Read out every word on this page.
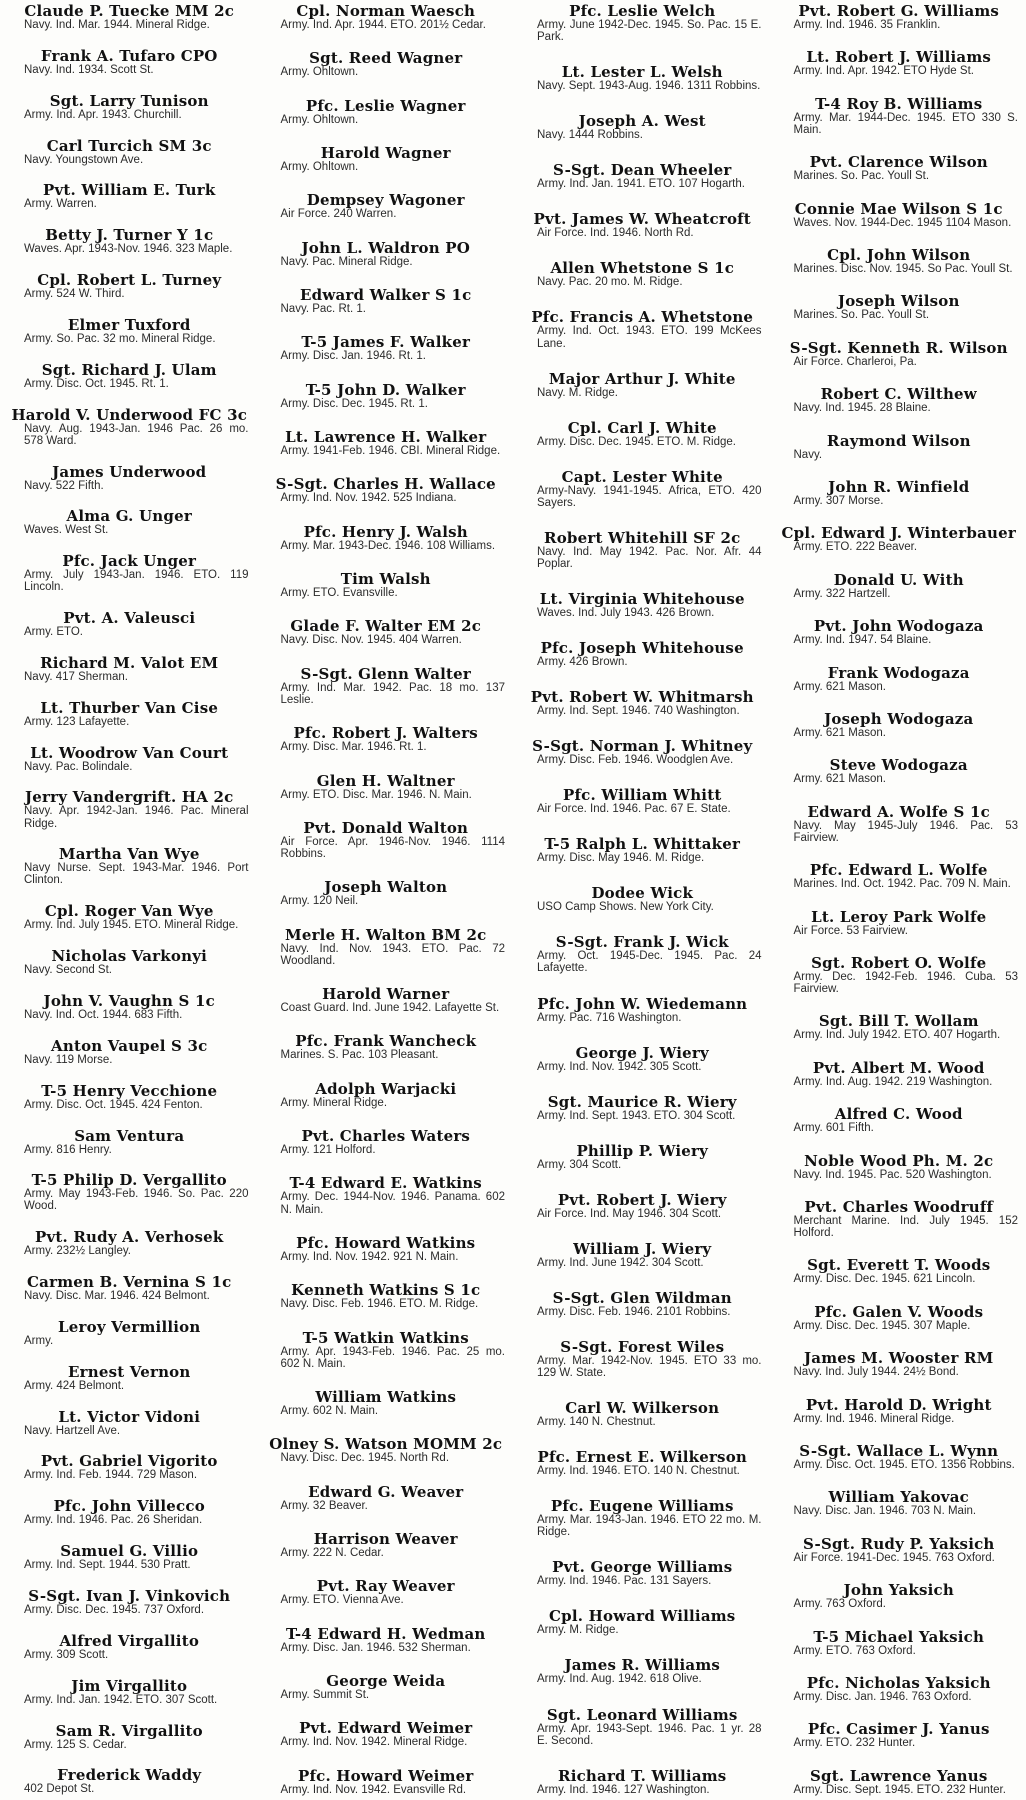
Claude P. Tuecke MM 2c
Navy. Ind. Mar. 1944. Mineral Ridge.
Frank A. Tufaro CPO
Navy. Ind. 1934. Scott St.
Sgt. Larry Tunison
Army. Ind. Apr. 1943. Churchill.
Carl Turcich SM 3c
Navy. Youngstown Ave.
Pvt. William E. Turk
Army. Warren.
Betty J. Turner Y 1c
Waves. Apr. 1943-Nov. 1946. 323 Maple.
Cpl. Robert L. Turney
Army. 524 W. Third.
Elmer Tuxford
Army. So. Pac. 32 mo. Mineral Ridge.
Sgt. Richard J. Ulam
Army. Disc. Oct. 1945. Rt. 1.
Harold V. Underwood FC 3c
Navy. Aug. 1943-Jan. 1946 Pac. 26 mo. 578 Ward.
James Underwood
Navy. 522 Fifth.
Alma G. Unger
Waves. West St.
Pfc. Jack Unger
Army. July 1943-Jan. 1946. ETO. 119 Lincoln.
Pvt. A. Valeusci
Army. ETO.
Richard M. Valot EM
Navy. 417 Sherman.
Lt. Thurber Van Cise
Army. 123 Lafayette.
Lt. Woodrow Van Court
Navy. Pac. Bolindale.
Jerry Vandergrift. HA 2c
Navy. Apr. 1942-Jan. 1946. Pac. Mineral Ridge.
Martha Van Wye
Navy Nurse. Sept. 1943-Mar. 1946. Port Clinton.
Cpl. Roger Van Wye
Army. Ind. July 1945. ETO. Mineral Ridge.
Nicholas Varkonyi
Navy. Second St.
John V. Vaughn S 1c
Navy. Ind. Oct. 1944. 683 Fifth.
Anton Vaupel S 3c
Navy. 119 Morse.
T-5 Henry Vecchione
Army. Disc. Oct. 1945. 424 Fenton.
Sam Ventura
Army. 816 Henry.
T-5 Philip D. Vergallito
Army. May 1943-Feb. 1946. So. Pac. 220 Wood.
Pvt. Rudy A. Verhosek
Army. 232½ Langley.
Carmen B. Vernina S 1c
Navy. Disc. Mar. 1946. 424 Belmont.
Leroy Vermillion
Army.
Ernest Vernon
Army. 424 Belmont.
Lt. Victor Vidoni
Navy. Hartzell Ave.
Pvt. Gabriel Vigorito
Army. Ind. Feb. 1944. 729 Mason.
Pfc. John Villecco
Army. Ind. 1946. Pac. 26 Sheridan.
Samuel G. Villio
Army. Ind. Sept. 1944. 530 Pratt.
S-Sgt. Ivan J. Vinkovich
Army. Disc. Dec. 1945. 737 Oxford.
Alfred Virgallito
Army. 309 Scott.
Jim Virgallito
Army. Ind. Jan. 1942. ETO. 307 Scott.
Sam R. Virgallito
Army. 125 S. Cedar.
Frederick Waddy
402 Depot St.
Cpl. Norman Waesch
Army. Ind. Apr. 1944. ETO. 201½ Cedar.
Sgt. Reed Wagner
Army. Ohltown.
Pfc. Leslie Wagner
Army. Ohltown.
Harold Wagner
Army. Ohltown.
Dempsey Wagoner
Air Force. 240 Warren.
John L. Waldron PO
Navy. Pac. Mineral Ridge.
Edward Walker S 1c
Navy. Pac. Rt. 1.
T-5 James F. Walker
Army. Disc. Jan. 1946. Rt. 1.
T-5 John D. Walker
Army. Disc. Dec. 1945. Rt. 1.
Lt. Lawrence H. Walker
Army. 1941-Feb. 1946. CBI. Mineral Ridge.
S-Sgt. Charles H. Wallace
Army. Ind. Nov. 1942. 525 Indiana.
Pfc. Henry J. Walsh
Army. Mar. 1943-Dec. 1946. 108 Williams.
Tim Walsh
Army. ETO. Evansville.
Glade F. Walter EM 2c
Navy. Disc. Nov. 1945. 404 Warren.
S-Sgt. Glenn Walter
Army. Ind. Mar. 1942. Pac. 18 mo. 137 Leslie.
Pfc. Robert J. Walters
Army. Disc. Mar. 1946. Rt. 1.
Glen H. Waltner
Army. ETO. Disc. Mar. 1946. N. Main.
Pvt. Donald Walton
Air Force. Apr. 1946-Nov. 1946. 1114 Robbins.
Joseph Walton
Army. 120 Neil.
Merle H. Walton BM 2c
Navy. Ind. Nov. 1943. ETO. Pac. 72 Woodland.
Harold Warner
Coast Guard. Ind. June 1942. Lafayette St.
Pfc. Frank Wancheck
Marines. S. Pac. 103 Pleasant.
Adolph Warjacki
Army. Mineral Ridge.
Pvt. Charles Waters
Army. 121 Holford.
T-4 Edward E. Watkins
Army. Dec. 1944-Nov. 1946. Panama. 602 N. Main.
Pfc. Howard Watkins
Army. Ind. Nov. 1942. 921 N. Main.
Kenneth Watkins S 1c
Navy. Disc. Feb. 1946. ETO. M. Ridge.
T-5 Watkin Watkins
Army. Apr. 1943-Feb. 1946. Pac. 25 mo. 602 N. Main.
William Watkins
Army. 602 N. Main.
Olney S. Watson MOMM 2c
Navy. Disc. Dec. 1945. North Rd.
Edward G. Weaver
Army. 32 Beaver.
Harrison Weaver
Army. 222 N. Cedar.
Pvt. Ray Weaver
Army. ETO. Vienna Ave.
T-4 Edward H. Wedman
Army. Disc. Jan. 1946. 532 Sherman.
George Weida
Army. Summit St.
Pvt. Edward Weimer
Army. Ind. Nov. 1942. Mineral Ridge.
Pfc. Howard Weimer
Army. Ind. Nov. 1942. Evansville Rd.
Pfc. Leslie Welch
Army. June 1942-Dec. 1945. So. Pac. 15 E. Park.
Lt. Lester L. Welsh
Navy. Sept. 1943-Aug. 1946. 1311 Robbins.
Joseph A. West
Navy. 1444 Robbins.
S-Sgt. Dean Wheeler
Army. Ind. Jan. 1941. ETO. 107 Hogarth.
Pvt. James W. Wheatcroft
Air Force. Ind. 1946. North Rd.
Allen Whetstone S 1c
Navy. Pac. 20 mo. M. Ridge.
Pfc. Francis A. Whetstone
Army. Ind. Oct. 1943. ETO. 199 McKees Lane.
Major Arthur J. White
Navy. M. Ridge.
Cpl. Carl J. White
Army. Disc. Dec. 1945. ETO. M. Ridge.
Capt. Lester White
Army-Navy. 1941-1945. Africa, ETO. 420 Sayers.
Robert Whitehill SF 2c
Navy. Ind. May 1942. Pac. Nor. Afr. 44 Poplar.
Lt. Virginia Whitehouse
Waves. Ind. July 1943. 426 Brown.
Pfc. Joseph Whitehouse
Army. 426 Brown.
Pvt. Robert W. Whitmarsh
Army. Ind. Sept. 1946. 740 Washington.
S-Sgt. Norman J. Whitney
Army. Disc. Feb. 1946. Woodglen Ave.
Pfc. William Whitt
Air Force. Ind. 1946. Pac. 67 E. State.
T-5 Ralph L. Whittaker
Army. Disc. May 1946. M. Ridge.
Dodee Wick
USO Camp Shows. New York City.
S-Sgt. Frank J. Wick
Army. Oct. 1945-Dec. 1945. Pac. 24 Lafayette.
Pfc. John W. Wiedemann
Army. Pac. 716 Washington.
George J. Wiery
Army. Ind. Nov. 1942. 305 Scott.
Sgt. Maurice R. Wiery
Army. Ind. Sept. 1943. ETO. 304 Scott.
Phillip P. Wiery
Army. 304 Scott.
Pvt. Robert J. Wiery
Air Force. Ind. May 1946. 304 Scott.
William J. Wiery
Army. Ind. June 1942. 304 Scott.
S-Sgt. Glen Wildman
Army. Disc. Feb. 1946. 2101 Robbins.
S-Sgt. Forest Wiles
Army. Mar. 1942-Nov. 1945. ETO 33 mo. 129 W. State.
Carl W. Wilkerson
Army. 140 N. Chestnut.
Pfc. Ernest E. Wilkerson
Army. Ind. 1946. ETO. 140 N. Chestnut.
Pfc. Eugene Williams
Army. Mar. 1943-Jan. 1946. ETO 22 mo. M. Ridge.
Pvt. George Williams
Army. Ind. 1946. Pac. 131 Sayers.
Cpl. Howard Williams
Army. M. Ridge.
James R. Williams
Army. Ind. Aug. 1942. 618 Olive.
Sgt. Leonard Williams
Army. Apr. 1943-Sept. 1946. Pac. 1 yr. 28 E. Second.
Richard T. Williams
Army. Ind. 1946. 127 Washington.
Pvt. Robert G. Williams
Army. Ind. 1946. 35 Franklin.
Lt. Robert J. Williams
Army. Ind. Apr. 1942. ETO Hyde St.
T-4 Roy B. Williams
Army. Mar. 1944-Dec. 1945. ETO 330 S. Main.
Pvt. Clarence Wilson
Marines. So. Pac. Youll St.
Connie Mae Wilson S 1c
Waves. Nov. 1944-Dec. 1945 1104 Mason.
Cpl. John Wilson
Marines. Disc. Nov. 1945. So Pac. Youll St.
Joseph Wilson
Marines. So. Pac. Youll St.
S-Sgt. Kenneth R. Wilson
Air Force. Charleroi, Pa.
Robert C. Wilthew
Navy. Ind. 1945. 28 Blaine.
Raymond Wilson
Navy.
John R. Winfield
Army. 307 Morse.
Cpl. Edward J. Winterbauer
Army. ETO. 222 Beaver.
Donald U. With
Army. 322 Hartzell.
Pvt. John Wodogaza
Army. Ind. 1947. 54 Blaine.
Frank Wodogaza
Army. 621 Mason.
Joseph Wodogaza
Army. 621 Mason.
Steve Wodogaza
Army. 621 Mason.
Edward A. Wolfe S 1c
Navy. May 1945-July 1946. Pac. 53 Fairview.
Pfc. Edward L. Wolfe
Marines. Ind. Oct. 1942. Pac. 709 N. Main.
Lt. Leroy Park Wolfe
Air Force. 53 Fairview.
Sgt. Robert O. Wolfe
Army. Dec. 1942-Feb. 1946. Cuba. 53 Fairview.
Sgt. Bill T. Wollam
Army. Ind. July 1942. ETO. 407 Hogarth.
Pvt. Albert M. Wood
Army. Ind. Aug. 1942. 219 Washington.
Alfred C. Wood
Army. 601 Fifth.
Noble Wood Ph. M. 2c
Navy. Ind. 1945. Pac. 520 Washington.
Pvt. Charles Woodruff
Merchant Marine. Ind. July 1945. 152 Holford.
Sgt. Everett T. Woods
Army. Disc. Dec. 1945. 621 Lincoln.
Pfc. Galen V. Woods
Army. Disc. Dec. 1945. 307 Maple.
James M. Wooster RM
Navy. Ind. July 1944. 24½ Bond.
Pvt. Harold D. Wright
Army. Ind. 1946. Mineral Ridge.
S-Sgt. Wallace L. Wynn
Army. Disc. Oct. 1945. ETO. 1356 Robbins.
William Yakovac
Navy. Disc. Jan. 1946. 703 N. Main.
S-Sgt. Rudy P. Yaksich
Air Force. 1941-Dec. 1945. 763 Oxford.
John Yaksich
Army. 763 Oxford.
T-5 Michael Yaksich
Army. ETO. 763 Oxford.
Pfc. Nicholas Yaksich
Army. Disc. Jan. 1946. 763 Oxford.
Pfc. Casimer J. Yanus
Army. ETO. 232 Hunter.
Sgt. Lawrence Yanus
Army. Disc. Sept. 1945. ETO. 232 Hunter.
